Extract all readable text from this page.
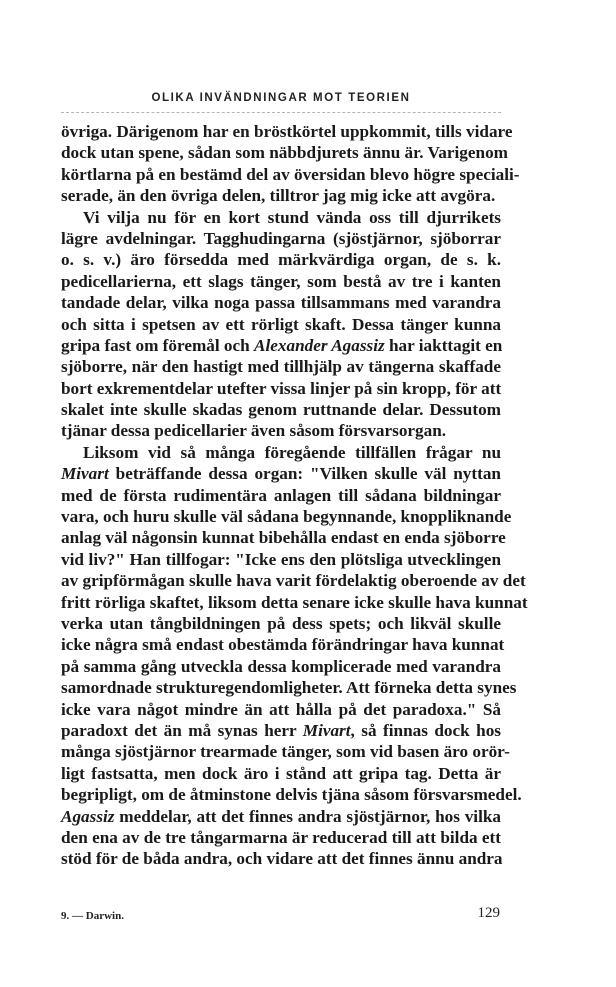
OLIKA INVÄNDNINGAR MOT TEORIEN
övriga. Därigenom har en bröstkörtel uppkommit, tills vidare
dock utan spene, sådan som näbbdjurets ännu är. Varigenom
körtlarna på en bestämd del av översidan blevo högre speciali-
serade, än den övriga delen, tilltror jag mig icke att avgöra.
Vi vilja nu för en kort stund vända oss till djurrikets
lägre avdelningar. Tagghudingarna (sjöstjärnor, sjöborrar
o. s. v.) äro försedda med märkvärdiga organ, de s. k.
pedicellarierna, ett slags tänger, som bestå av tre i kanten
tandade delar, vilka noga passa tillsammans med varandra
och sitta i spetsen av ett rörligt skaft. Dessa tänger kunna
gripa fast om föremål och Alexander Agassiz har iakttagit en
sjöborre, när den hastigt med tillhjälp av tängerna skaffade
bort exkrementdelar utefter vissa linjer på sin kropp, för att
skalet inte skulle skadas genom ruttnande delar. Dessutom
tjänar dessa pedicellarier även såsom försvarsorgan.
Liksom vid så många föregående tillfällen frågar nu
Mivart beträffande dessa organ: "Vilken skulle väl nyttan
med de första rudimentära anlagen till sådana bildningar
vara, och huru skulle väl sådana begynnande, knoppliknande
anlag väl någonsin kunnat bibehålla endast en enda sjöborre
vid liv?" Han tillfogar: "Icke ens den plötsliga utvecklingen
av gripförmågan skulle hava varit fördelaktig oberoende av det
fritt rörliga skaftet, liksom detta senare icke skulle hava kunnat
verka utan tångbildningen på dess spets; och likväl skulle
icke några små endast obestämda förändringar hava kunnat
på samma gång utveckla dessa komplicerade med varandra
samordnade strukturegendomligheter. Att förneka detta synes
icke vara något mindre än att hålla på det paradoxa." Så
paradoxt det än må synas herr Mivart, så finnas dock hos
många sjöstjärnor trearmade tänger, som vid basen äro orör-
ligt fastsatta, men dock äro i stånd att gripa tag. Detta är
begripligt, om de åtminstone delvis tjäna såsom försvarsmedel.
Agassiz meddelar, att det finnes andra sjöstjärnor, hos vilka
den ena av de tre tångarmarna är reducerad till att bilda ett
stöd för de båda andra, och vidare att det finnes ännu andra
9. — Darwin.	129
